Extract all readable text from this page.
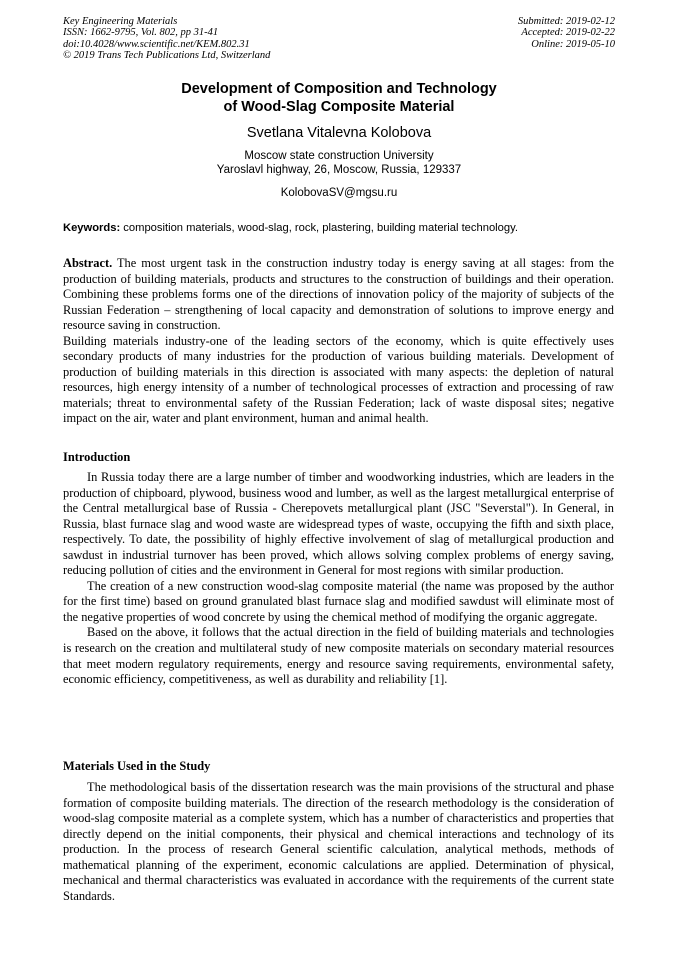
Key Engineering Materials
ISSN: 1662-9795, Vol. 802, pp 31-41
doi:10.4028/www.scientific.net/KEM.802.31
© 2019 Trans Tech Publications Ltd, Switzerland
Submitted: 2019-02-12
Accepted: 2019-02-22
Online: 2019-05-10
Development of Composition and Technology
of Wood-Slag Composite Material
Svetlana Vitalevna Kolobova
Moscow state construction University
Yaroslavl highway, 26, Moscow, Russia, 129337
KolobovaSV@mgsu.ru
Keywords: composition materials, wood-slag, rock, plastering, building material technology.

Abstract. The most urgent task in the construction industry today is energy saving at all stages: from the production of building materials, products and structures to the construction of buildings and their operation. Combining these problems forms one of the directions of innovation policy of the majority of subjects of the Russian Federation – strengthening of local capacity and demonstration of solutions to improve energy and resource saving in construction.

Building materials industry-one of the leading sectors of the economy, which is quite effectively uses secondary products of many industries for the production of various building materials. Development of production of building materials in this direction is associated with many aspects: the depletion of natural resources, high energy intensity of a number of technological processes of extraction and processing of raw materials; threat to environmental safety of the Russian Federation; lack of waste disposal sites; negative impact on the air, water and plant environment, human and animal health.

Introduction

In Russia today there are a large number of timber and woodworking industries, which are leaders in the production of chipboard, plywood, business wood and lumber, as well as the largest metallurgical enterprise of the Central metallurgical base of Russia - Cherepovets metallurgical plant (JSC "Severstal"). In General, in Russia, blast furnace slag and wood waste are widespread types of waste, occupying the fifth and sixth place, respectively. To date, the possibility of highly effective involvement of slag of metallurgical production and sawdust in industrial turnover has been proved, which allows solving complex problems of energy saving, reducing pollution of cities and the environment in General for most regions with similar production.

The creation of a new construction wood-slag composite material (the name was proposed by the author for the first time) based on ground granulated blast furnace slag and modified sawdust will eliminate most of the negative properties of wood concrete by using the chemical method of modifying the organic aggregate.

Based on the above, it follows that the actual direction in the field of building materials and technologies is research on the creation and multilateral study of new composite materials on secondary material resources that meet modern regulatory requirements, energy and resource saving requirements, environmental safety, economic efficiency, competitiveness, as well as durability and reliability [1].

Materials Used in the Study

The methodological basis of the dissertation research was the main provisions of the structural and phase formation of composite building materials. The direction of the research methodology is the consideration of wood-slag composite material as a complete system, which has a number of characteristics and properties that directly depend on the initial components, their physical and chemical interactions and technology of its production. In the process of research General scientific calculation, analytical methods, methods of mathematical planning of the experiment, economic calculations are applied. Determination of physical, mechanical and thermal characteristics was evaluated in accordance with the requirements of the current state Standards.
